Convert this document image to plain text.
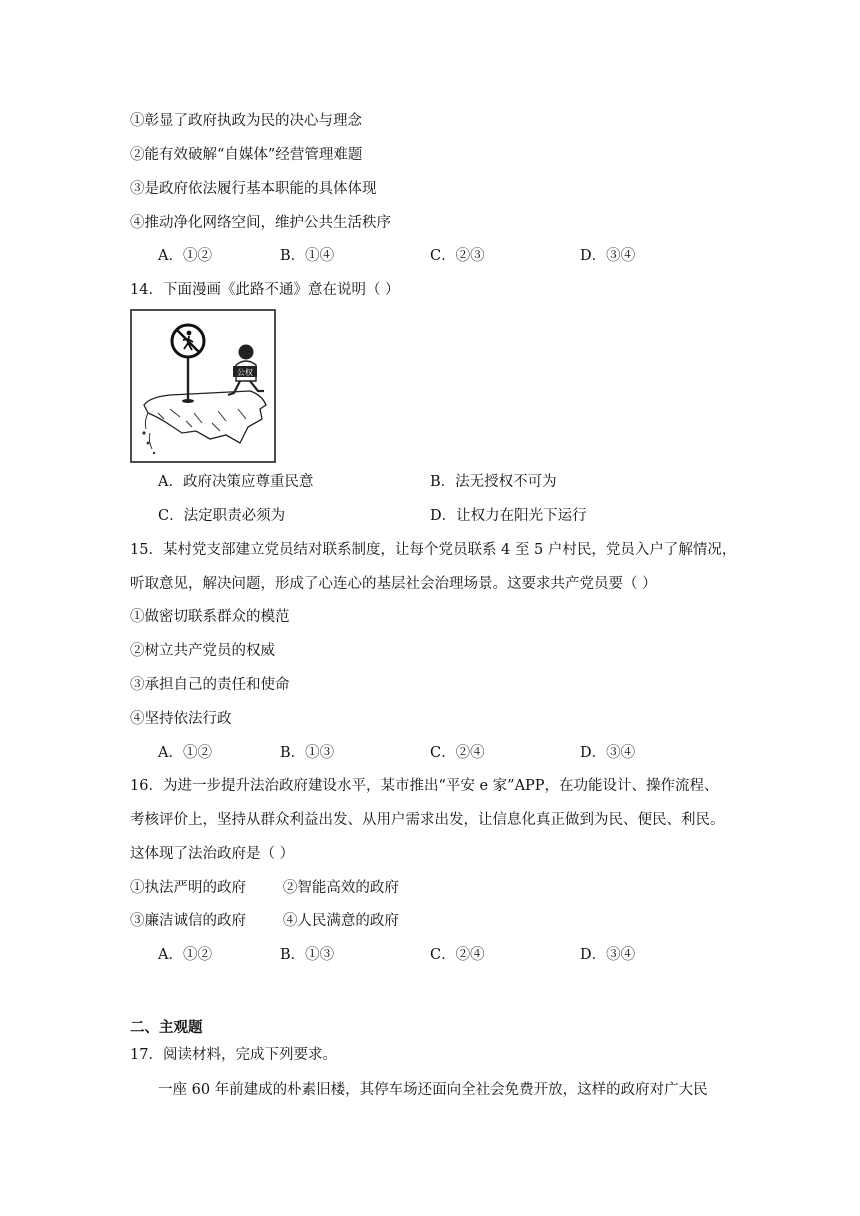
①彰显了政府执政为民的决心与理念
②能有效破解“自媒体”经营管理难题
③是政府依法履行基本职能的具体体现
④推动净化网络空间，维护公共生活秩序
A．①②	B．①④	C．②③	D．③④
14．下面漫画《此路不通》意在说明（ ）
公权
A．政府决策应尊重民意	B．法无授权不可为
C．法定职责必须为	D．让权力在阳光下运行
15．某村党支部建立党员结对联系制度，让每个党员联系 4 至 5 户村民，党员入户了解情况，
听取意见，解决问题，形成了心连心的基层社会治理场景。这要求共产党员要（ ）
①做密切联系群众的模范
②树立共产党员的权威
③承担自己的责任和使命
④坚持依法行政
A．①②	B．①③	C．②④	D．③④
16．为进一步提升法治政府建设水平，某市推出“平安 e 家”APP，在功能设计、操作流程、
考核评价上，坚持从群众利益出发、从用户需求出发，让信息化真正做到为民、便民、利民。
这体现了法治政府是（ ）
①执法严明的政府        ②智能高效的政府
③廉洁诚信的政府        ④人民满意的政府
A．①②	B．①③	C．②④	D．③④
二、主观题
17．阅读材料，完成下列要求。
一座 60 年前建成的朴素旧楼，其停车场还面向全社会免费开放，这样的政府对广大民
